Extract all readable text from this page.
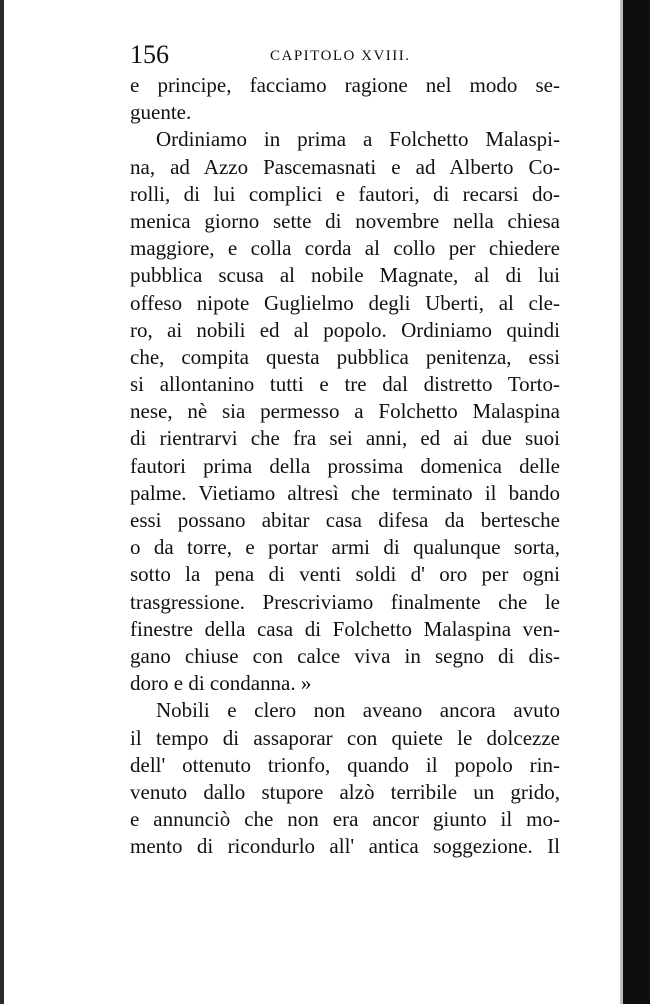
156	CAPITOLO XVIII.
e principe, facciamo ragione nel modo se-
guente.
Ordiniamo in prima a Folchetto Malaspi-
na, ad Azzo Pascemasnati e ad Alberto Co-
rolli, di lui complici e fautori, di recarsi do-
menica giorno sette di novembre nella chiesa
maggiore, e colla corda al collo per chiedere
pubblica scusa al nobile Magnate, al di lui
offeso nipote Guglielmo degli Uberti, al cle-
ro, ai nobili ed al popolo. Ordiniamo quindi
che, compita questa pubblica penitenza, essi
si allontanino tutti e tre dal distretto Torto-
nese, nè sia permesso a Folchetto Malaspina
di rientrarvi che fra sei anni, ed ai due suoi
fautori prima della prossima domenica delle
palme. Vietiamo altresì che terminato il bando
essi possano abitar casa difesa da bertesche
o da torre, e portar armi di qualunque sorta,
sotto la pena di venti soldi d' oro per ogni
trasgressione. Prescriviamo finalmente che le
finestre della casa di Folchetto Malaspina ven-
gano chiuse con calce viva in segno di dis-
doro e di condanna. »
Nobili e clero non aveano ancora avuto
il tempo di assaporar con quiete le dolcezze
dell' ottenuto trionfo, quando il popolo rin-
venuto dallo stupore alzò terribile un grido,
e annunciò che non era ancor giunto il mo-
mento di ricondurlo all' antica soggezione. Il
